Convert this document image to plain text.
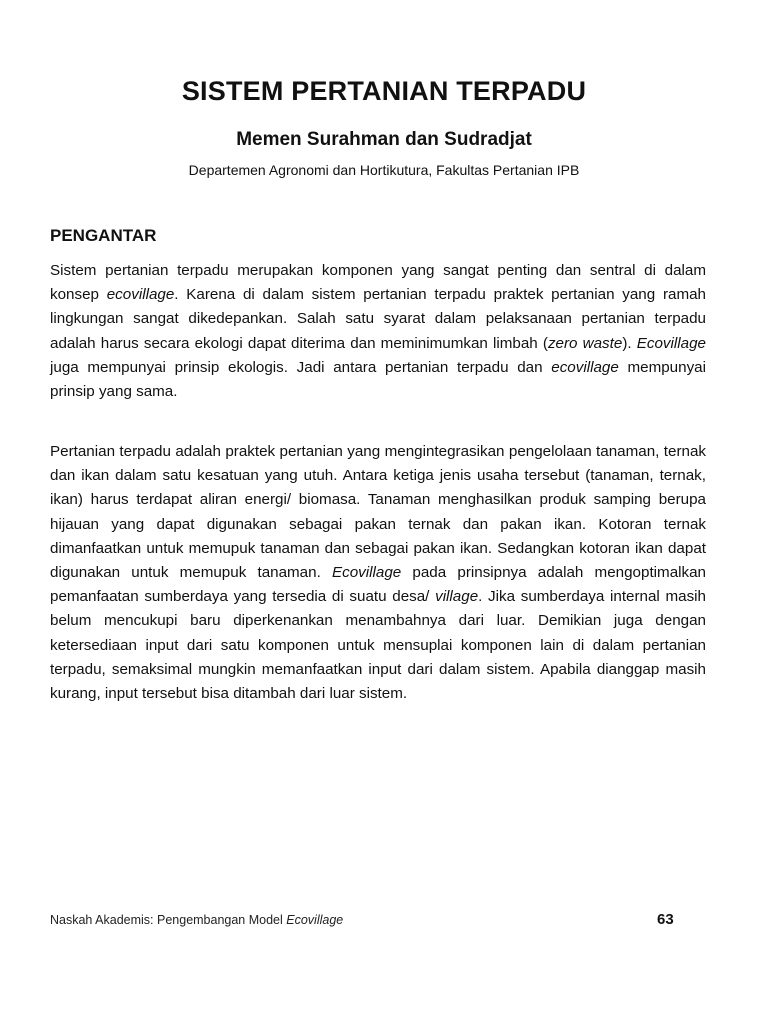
SISTEM PERTANIAN TERPADU
Memen Surahman dan Sudradjat
Departemen Agronomi dan Hortikutura, Fakultas Pertanian IPB
PENGANTAR

Sistem pertanian terpadu merupakan komponen yang sangat penting dan sentral di dalam konsep ecovillage. Karena di dalam sistem pertanian terpadu praktek pertanian yang ramah lingkungan sangat dikedepankan. Salah satu syarat dalam pelaksanaan pertanian terpadu adalah harus secara ekologi dapat diterima dan meminimumkan limbah (zero waste). Ecovillage juga mempunyai prinsip ekologis. Jadi antara pertanian terpadu dan ecovillage mempunyai prinsip yang sama.

Pertanian terpadu adalah praktek pertanian yang mengintegrasikan pengelolaan tanaman, ternak dan ikan dalam satu kesatuan yang utuh. Antara ketiga jenis usaha tersebut (tanaman, ternak, ikan) harus terdapat aliran energi/ biomasa. Tanaman menghasilkan produk samping berupa hijauan yang dapat digunakan sebagai pakan ternak dan pakan ikan. Kotoran ternak dimanfaatkan untuk memupuk tanaman dan sebagai pakan ikan. Sedangkan kotoran ikan dapat digunakan untuk memupuk tanaman. Ecovillage pada prinsipnya adalah mengoptimalkan pemanfaatan sumberdaya yang tersedia di suatu desa/ village. Jika sumberdaya internal masih belum mencukupi baru diperkenankan menambahnya dari luar. Demikian juga dengan ketersediaan input dari satu komponen untuk mensuplai komponen lain di dalam pertanian terpadu, semaksimal mungkin memanfaatkan input dari dalam sistem. Apabila dianggap masih kurang, input tersebut bisa ditambah dari luar sistem.

Naskah Akademis: Pengembangan Model Ecovillage	63
